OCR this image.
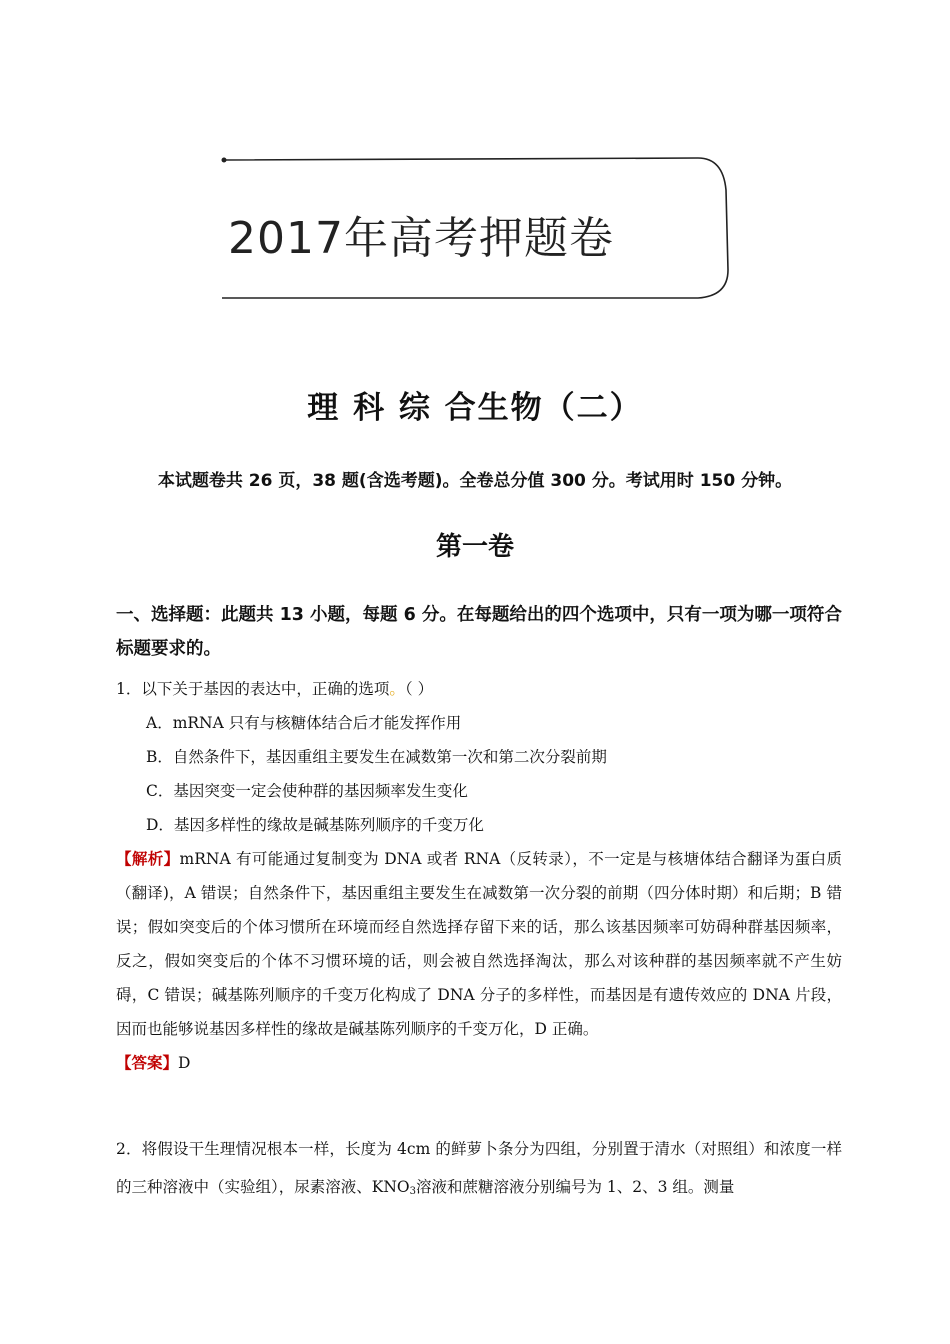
2017年高考押题卷
理 科 综 合生物（二）
本试题卷共 26 页，38 题(含选考题)。全卷总分值 300 分。考试用时 150 分钟。
第一卷
一、选择题：此题共 13 小题，每题 6 分。在每题给出的四个选项中，只有一项为哪一项符合标题要求的。
1．以下关于基因的表达中，正确的选项。（ ）
A．mRNA 只有与核糖体结合后才能发挥作用
B．自然条件下，基因重组主要发生在减数第一次和第二次分裂前期
C．基因突变一定会使种群的基因频率发生变化
D．基因多样性的缘故是碱基陈列顺序的千变万化
【解析】mRNA 有可能通过复制变为 DNA 或者 RNA（反转录），不一定是与核塘体结合翻译为蛋白质（翻译)，A 错误；自然条件下，基因重组主要发生在减数第一次分裂的前期（四分体时期）和后期；B 错误；假如突变后的个体习惯所在环境而经自然选择存留下来的话，那么该基因频率可妨碍种群基因频率，反之，假如突变后的个体不习惯环境的话，则会被自然选择淘汰，那么对该种群的基因频率就不产生妨碍，C 错误；碱基陈列顺序的千变万化构成了 DNA 分子的多样性，而基因是有遗传效应的 DNA 片段，因而也能够说基因多样性的缘故是碱基陈列顺序的千变万化，D 正确。
【答案】D
2．将假设干生理情况根本一样，长度为 4cm 的鲜萝卜条分为四组，分别置于清水（对照组）和浓度一样的三种溶液中（实验组），尿素溶液、$KNO_3$溶液和蔗糖溶液分别编号为 1、2、3 组。测量
